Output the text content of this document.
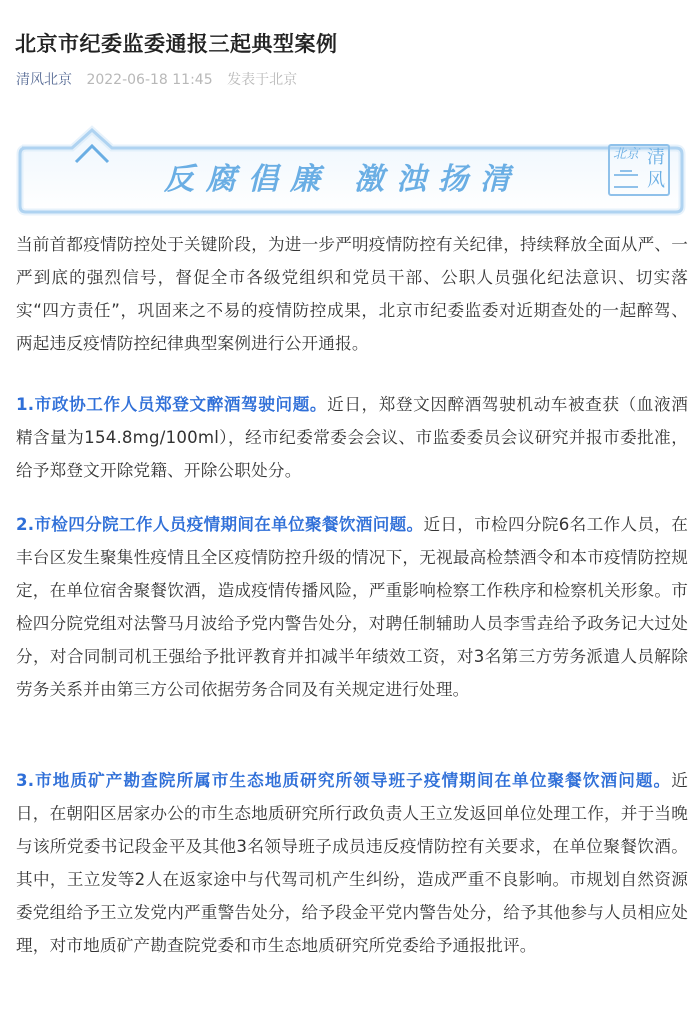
北京市纪委监委通报三起典型案例
清风北京 2022-06-18 11:45 发表于北京
反腐倡廉 激浊扬清
北京 清
风

当前首都疫情防控处于关键阶段，为进一步严明疫情防控有关纪律，持续释放全面从严、一严到底的强烈信号，督促全市各级党组织和党员干部、公职人员强化纪法意识、切实落实“四方责任”，巩固来之不易的疫情防控成果，北京市纪委监委对近期查处的一起醉驾、两起违反疫情防控纪律典型案例进行公开通报。

1.市政协工作人员郑登文醉酒驾驶问题。近日，郑登文因醉酒驾驶机动车被查获（血液酒精含量为154.8mg/100ml），经市纪委常委会会议、市监委委员会议研究并报市委批准，给予郑登文开除党籍、开除公职处分。

2.市检四分院工作人员疫情期间在单位聚餐饮酒问题。近日，市检四分院6名工作人员，在丰台区发生聚集性疫情且全区疫情防控升级的情况下，无视最高检禁酒令和本市疫情防控规定，在单位宿舍聚餐饮酒，造成疫情传播风险，严重影响检察工作秩序和检察机关形象。市检四分院党组对法警马月波给予党内警告处分，对聘任制辅助人员李雪垚给予政务记大过处分，对合同制司机王强给予批评教育并扣减半年绩效工资，对3名第三方劳务派遣人员解除劳务关系并由第三方公司依据劳务合同及有关规定进行处理。

3.市地质矿产勘查院所属市生态地质研究所领导班子疫情期间在单位聚餐饮酒问题。近日，在朝阳区居家办公的市生态地质研究所行政负责人王立发返回单位处理工作，并于当晚与该所党委书记段金平及其他3名领导班子成员违反疫情防控有关要求，在单位聚餐饮酒。其中，王立发等2人在返家途中与代驾司机产生纠纷，造成严重不良影响。市规划自然资源委党组给予王立发党内严重警告处分，给予段金平党内警告处分，给予其他参与人员相应处理，对市地质矿产勘查院党委和市生态地质研究所党委给予通报批评。
